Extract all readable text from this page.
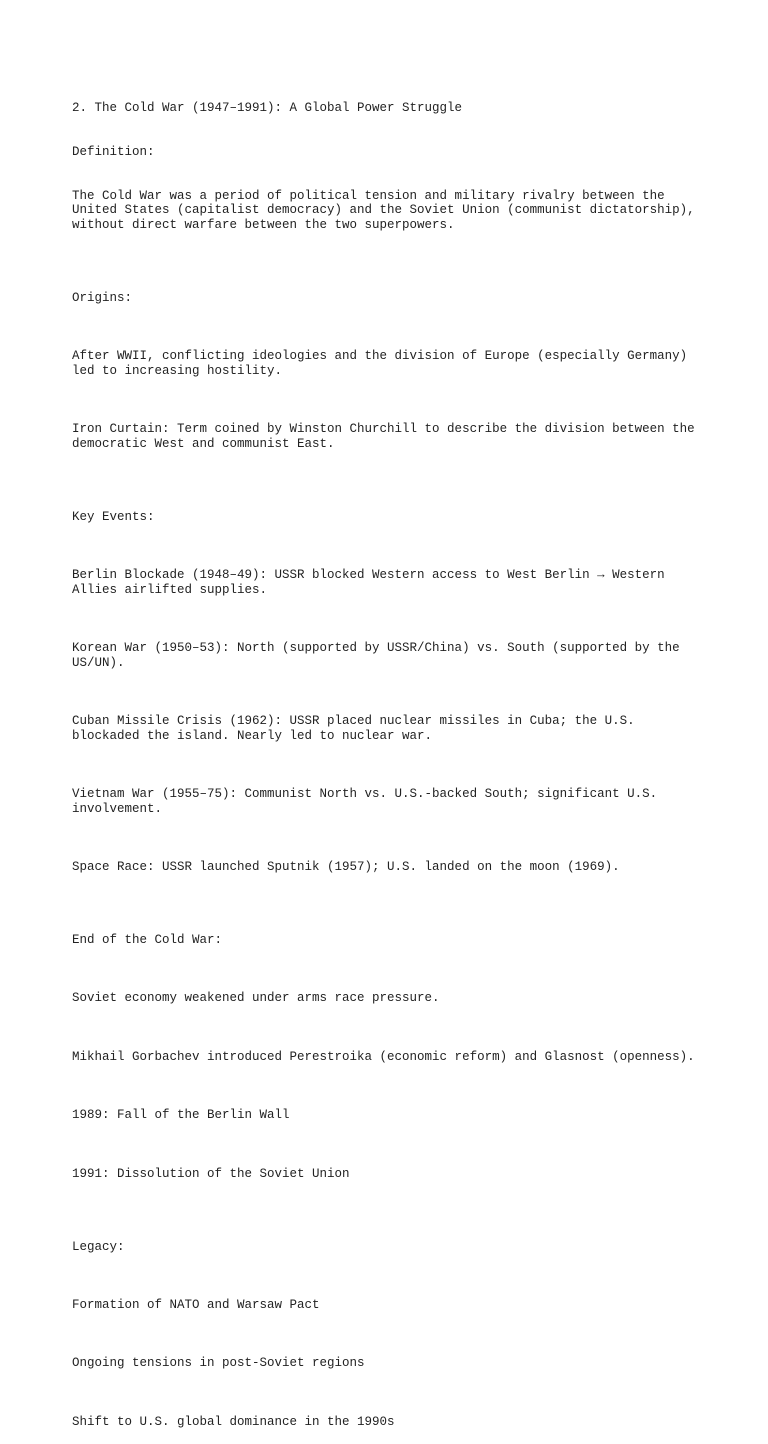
2. The Cold War (1947–1991): A Global Power Struggle

Definition:

The Cold War was a period of political tension and military rivalry between the
United States (capitalist democracy) and the Soviet Union (communist dictatorship),
without direct warfare between the two superpowers.

Origins:

After WWII, conflicting ideologies and the division of Europe (especially Germany)
led to increasing hostility.

Iron Curtain: Term coined by Winston Churchill to describe the division between the
democratic West and communist East.

Key Events:

Berlin Blockade (1948–49): USSR blocked Western access to West Berlin → Western
Allies airlifted supplies.

Korean War (1950–53): North (supported by USSR/China) vs. South (supported by the
US/UN).

Cuban Missile Crisis (1962): USSR placed nuclear missiles in Cuba; the U.S.
blockaded the island. Nearly led to nuclear war.

Vietnam War (1955–75): Communist North vs. U.S.-backed South; significant U.S.
involvement.

Space Race: USSR launched Sputnik (1957); U.S. landed on the moon (1969).

End of the Cold War:

Soviet economy weakened under arms race pressure.

Mikhail Gorbachev introduced Perestroika (economic reform) and Glasnost (openness).

1989: Fall of the Berlin Wall

1991: Dissolution of the Soviet Union

Legacy:

Formation of NATO and Warsaw Pact

Ongoing tensions in post-Soviet regions

Shift to U.S. global dominance in the 1990s
